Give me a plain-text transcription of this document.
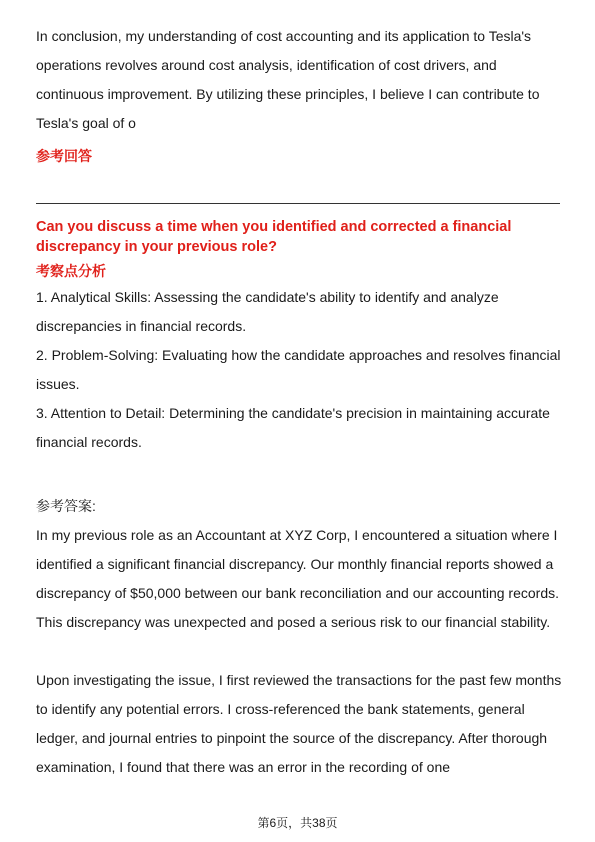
In conclusion, my understanding of cost accounting and its application to Tesla's operations revolves around cost analysis, identification of cost drivers, and continuous improvement. By utilizing these principles, I believe I can contribute to Tesla's goal of o

参考回答

Can you discuss a time when you identified and corrected a financial discrepancy in your previous role?

考察点分析

1. Analytical Skills: Assessing the candidate's ability to identify and analyze discrepancies in financial records.

2. Problem-Solving: Evaluating how the candidate approaches and resolves financial issues.

3. Attention to Detail: Determining the candidate's precision in maintaining accurate financial records.

参考答案:

In my previous role as an Accountant at XYZ Corp, I encountered a situation where I identified a significant financial discrepancy. Our monthly financial reports showed a discrepancy of $50,000 between our bank reconciliation and our accounting records. This discrepancy was unexpected and posed a serious risk to our financial stability.

Upon investigating the issue, I first reviewed the transactions for the past few months to identify any potential errors. I cross-referenced the bank statements, general ledger, and journal entries to pinpoint the source of the discrepancy. After thorough examination, I found that there was an error in the recording of one

第6页，共38页
